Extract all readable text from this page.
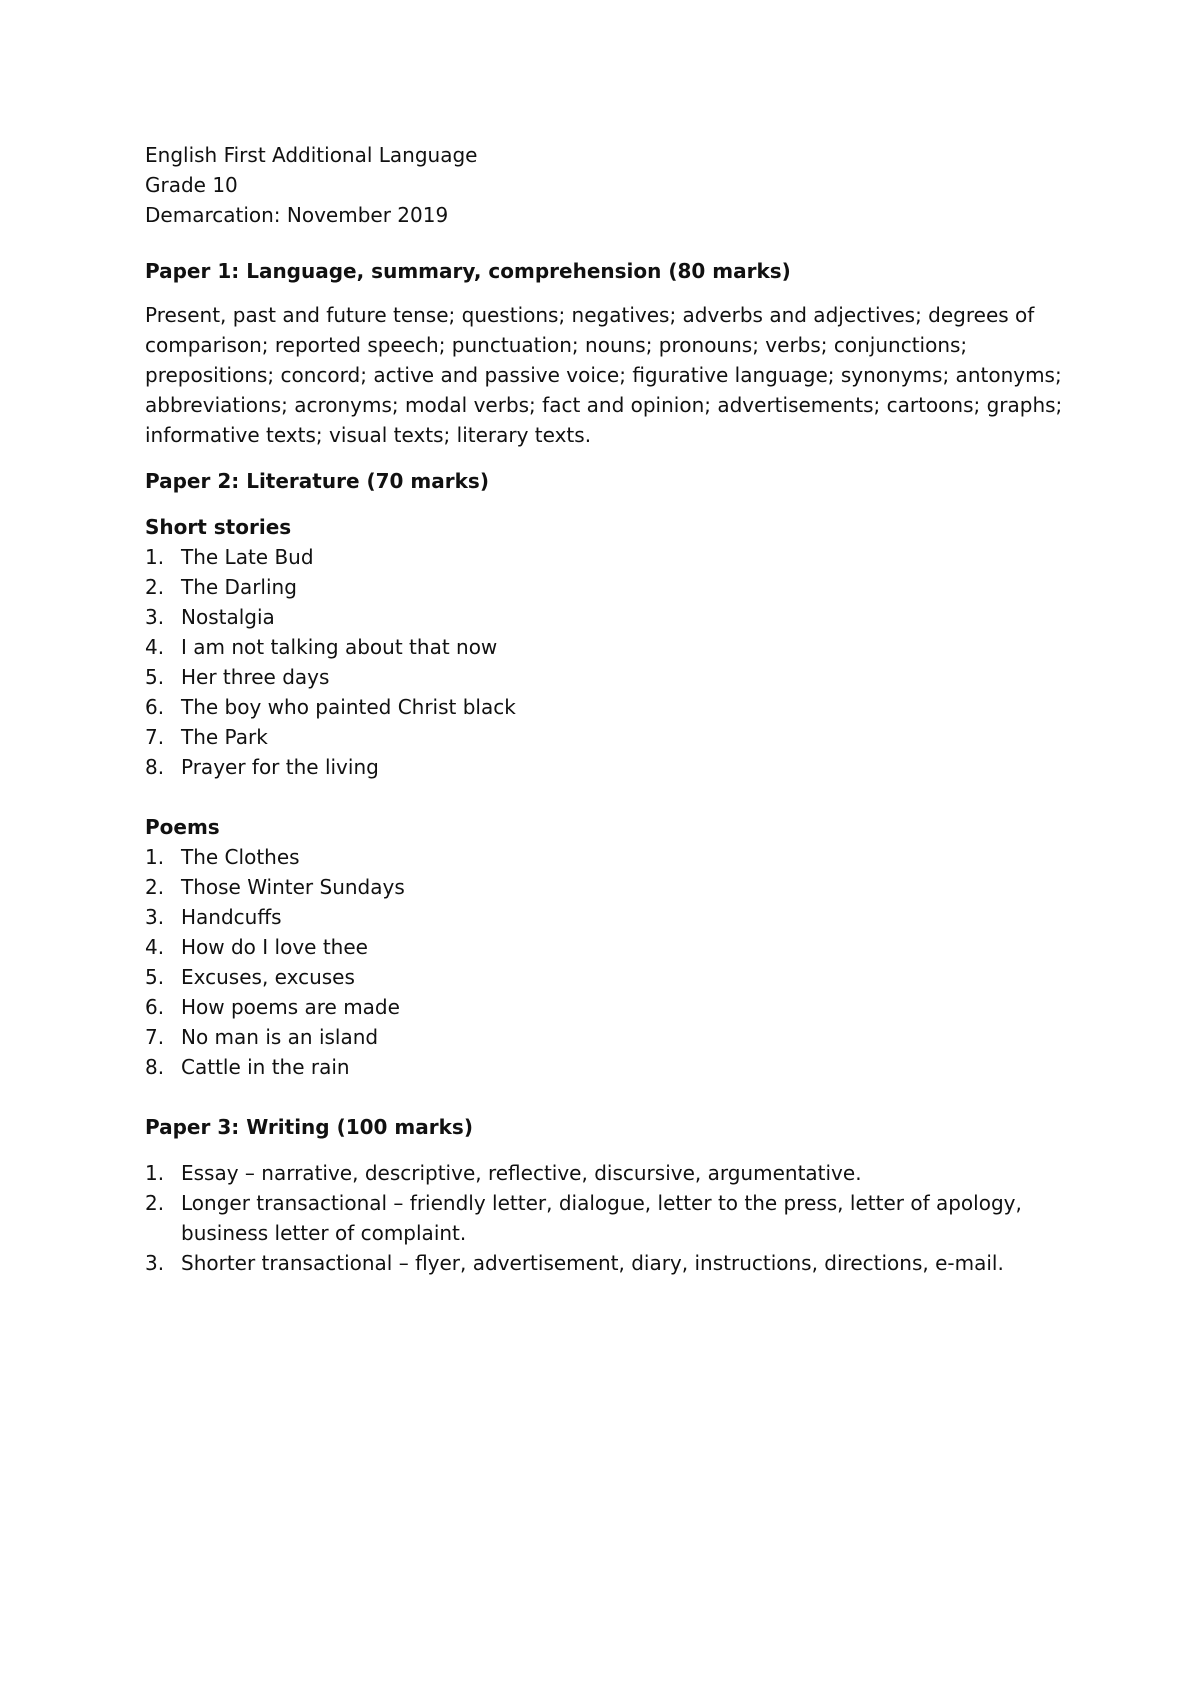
English First Additional Language

Grade 10

Demarcation: November 2019

Paper 1: Language, summary, comprehension (80 marks)

Present, past and future tense; questions; negatives; adverbs and adjectives; degrees of comparison; reported speech; punctuation; nouns; pronouns; verbs; conjunctions; prepositions; concord; active and passive voice; figurative language; synonyms; antonyms; abbreviations; acronyms; modal verbs; fact and opinion; advertisements; cartoons; graphs; informative texts; visual texts; literary texts.

Paper 2: Literature (70 marks)

Short stories

1. The Late Bud
2. The Darling
3. Nostalgia
4. I am not talking about that now
5. Her three days
6. The boy who painted Christ black
7. The Park
8. Prayer for the living

Poems

1. The Clothes
2. Those Winter Sundays
3. Handcuffs
4. How do I love thee
5. Excuses, excuses
6. How poems are made
7. No man is an island
8. Cattle in the rain

Paper 3: Writing (100 marks)

1. Essay – narrative, descriptive, reflective, discursive, argumentative.
2. Longer transactional – friendly letter, dialogue, letter to the press, letter of apology, business letter of complaint.
3. Shorter transactional – flyer, advertisement, diary, instructions, directions, e-mail.
